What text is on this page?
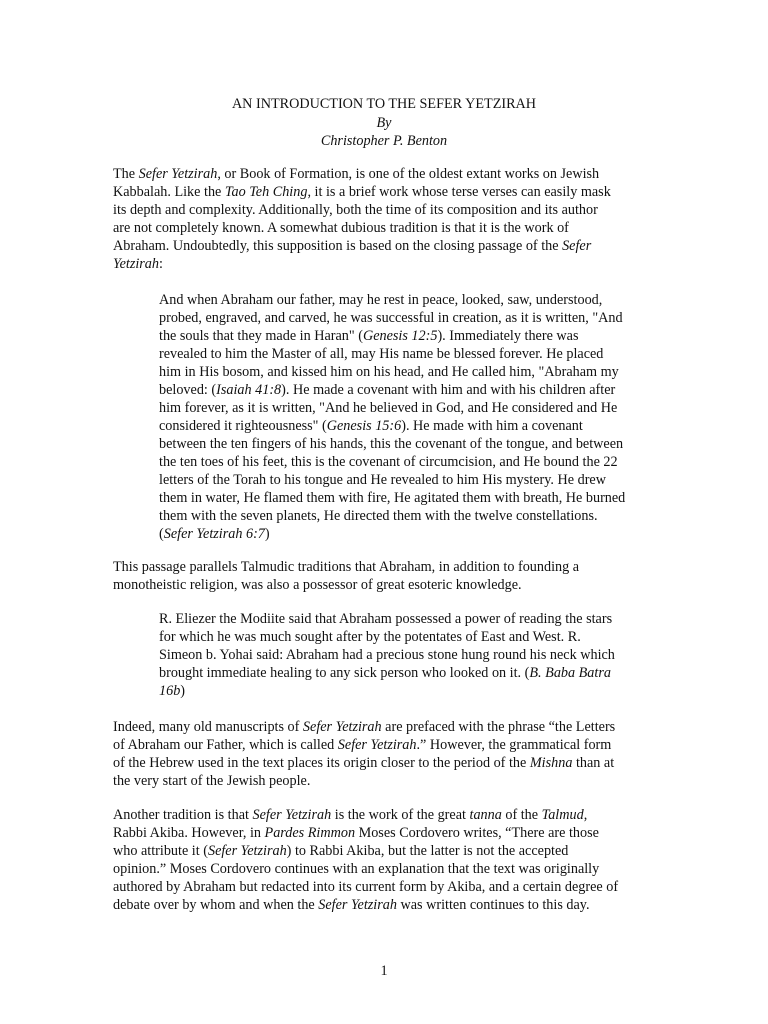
AN INTRODUCTION TO THE SEFER YETZIRAH
By
Christopher P. Benton
The Sefer Yetzirah, or Book of Formation, is one of the oldest extant works on Jewish
Kabbalah. Like the Tao Teh Ching, it is a brief work whose terse verses can easily mask
its depth and complexity. Additionally, both the time of its composition and its author
are not completely known. A somewhat dubious tradition is that it is the work of
Abraham. Undoubtedly, this supposition is based on the closing passage of the Sefer
Yetzirah:
And when Abraham our father, may he rest in peace, looked, saw, understood,
probed, engraved, and carved, he was successful in creation, as it is written, "And
the souls that they made in Haran" (Genesis 12:5). Immediately there was
revealed to him the Master of all, may His name be blessed forever. He placed
him in His bosom, and kissed him on his head, and He called him, "Abraham my
beloved: (Isaiah 41:8). He made a covenant with him and with his children after
him forever, as it is written, "And he believed in God, and He considered and He
considered it righteousness" (Genesis 15:6). He made with him a covenant
between the ten fingers of his hands, this the covenant of the tongue, and between
the ten toes of his feet, this is the covenant of circumcision, and He bound the 22
letters of the Torah to his tongue and He revealed to him His mystery. He drew
them in water, He flamed them with fire, He agitated them with breath, He burned
them with the seven planets, He directed them with the twelve constellations.
(Sefer Yetzirah 6:7)
This passage parallels Talmudic traditions that Abraham, in addition to founding a
monotheistic religion, was also a possessor of great esoteric knowledge.
R. Eliezer the Modiite said that Abraham possessed a power of reading the stars
for which he was much sought after by the potentates of East and West. R.
Simeon b. Yohai said: Abraham had a precious stone hung round his neck which
brought immediate healing to any sick person who looked on it. (B. Baba Batra
16b)
Indeed, many old manuscripts of Sefer Yetzirah are prefaced with the phrase “the Letters
of Abraham our Father, which is called Sefer Yetzirah.” However, the grammatical form
of the Hebrew used in the text places its origin closer to the period of the Mishna than at
the very start of the Jewish people.
Another tradition is that Sefer Yetzirah is the work of the great tanna of the Talmud,
Rabbi Akiba. However, in Pardes Rimmon Moses Cordovero writes, “There are those
who attribute it (Sefer Yetzirah) to Rabbi Akiba, but the latter is not the accepted
opinion.” Moses Cordovero continues with an explanation that the text was originally
authored by Abraham but redacted into its current form by Akiba, and a certain degree of
debate over by whom and when the Sefer Yetzirah was written continues to this day.
1
